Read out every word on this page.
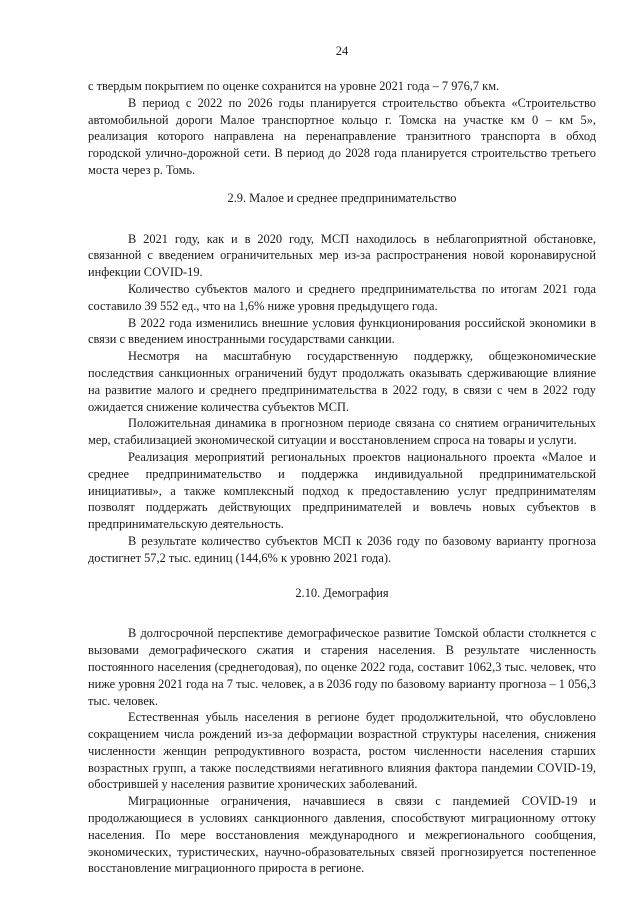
24

с твердым покрытием по оценке сохранится на уровне 2021 года – 7 976,7 км.

В период с 2022 по 2026 годы планируется строительство объекта «Строительство автомобильной дороги Малое транспортное кольцо г. Томска на участке км 0 – км 5», реализация которого направлена на перенаправление транзитного транспорта в обход городской улично-дорожной сети. В период до 2028 года планируется строительство третьего моста через р. Томь.

2.9. Малое и среднее предпринимательство

В 2021 году, как и в 2020 году, МСП находилось в неблагоприятной обстановке, связанной с введением ограничительных мер из-за распространения новой коронавирусной инфекции COVID-19.

Количество субъектов малого и среднего предпринимательства по итогам 2021 года составило 39 552 ед., что на 1,6% ниже уровня предыдущего года.

В 2022 года изменились внешние условия функционирования российской экономики в связи с введением иностранными государствами санкции.

Несмотря на масштабную государственную поддержку, общеэкономические последствия санкционных ограничений будут продолжать оказывать сдерживающие влияние на развитие малого и среднего предпринимательства в 2022 году, в связи с чем в 2022 году ожидается снижение количества субъектов МСП.

Положительная динамика в прогнозном периоде связана со снятием ограничительных мер, стабилизацией экономической ситуации и восстановлением спроса на товары и услуги.

Реализация мероприятий региональных проектов национального проекта «Малое и среднее предпринимательство и поддержка индивидуальной предпринимательской инициативы», а также комплексный подход к предоставлению услуг предпринимателям позволят поддержать действующих предпринимателей и вовлечь новых субъектов в предпринимательскую деятельность.

В результате количество субъектов МСП к 2036 году по базовому варианту прогноза достигнет 57,2 тыс. единиц (144,6% к уровню 2021 года).

2.10. Демография

В долгосрочной перспективе демографическое развитие Томской области столкнется с вызовами демографического сжатия и старения населения. В результате численность постоянного населения (среднегодовая), по оценке 2022 года, составит 1062,3 тыс. человек, что ниже уровня 2021 года на 7 тыс. человек, а в 2036 году по базовому варианту прогноза – 1 056,3 тыс. человек.

Естественная убыль населения в регионе будет продолжительной, что обусловлено сокращением числа рождений из-за деформации возрастной структуры населения, снижения численности женщин репродуктивного возраста, ростом численности населения старших возрастных групп, а также последствиями негативного влияния фактора пандемии COVID-19, обострившей у населения развитие хронических заболеваний.

Миграционные ограничения, начавшиеся в связи с пандемией COVID-19 и продолжающиеся в условиях санкционного давления, способствуют миграционному оттоку населения. По мере восстановления международного и межрегионального сообщения, экономических, туристических, научно-образовательных связей прогнозируется постепенное восстановление миграционного прироста в регионе.
